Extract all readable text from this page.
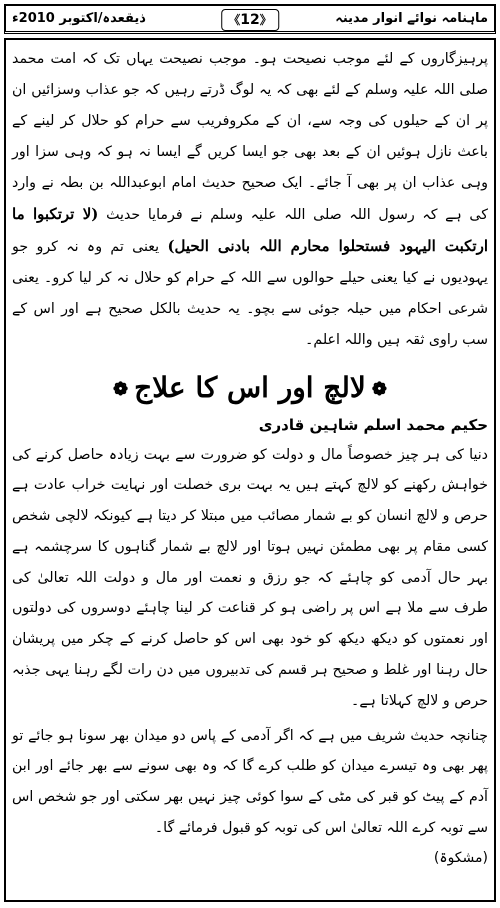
ماہنامہ نوائے انوار مدینہ
ذیقعدہ/اکتوبر 2010ء	《12》

پرہیزگاروں کے لئے موجب نصیحت ہو۔ موجب نصیحت یہاں تک کہ امت محمد صلی اللہ علیہ وسلم کے لئے بھی کہ یہ لوگ ڈرتے رہیں کہ جو عذاب وسزائیں ان پر ان کے حیلوں کی وجہ سے، ان کے مکروفریب سے حرام کو حلال کر لینے کے باعث نازل ہوئیں ان کے بعد بھی جو ایسا کریں گے ایسا نہ ہو کہ وہی سزا اور وہی عذاب ان پر بھی آ جائے۔ ایک صحیح حدیث امام ابوعبداللہ بن بطہ نے وارد کی ہے کہ رسول اللہ صلی اللہ علیہ وسلم نے فرمایا حدیث (لا ترتکبوا ما ارتکبت الیہود فستحلوا محارم اللہ بادنی الحیل) یعنی تم وہ نہ کرو جو یہودیوں نے کیا یعنی حیلے حوالوں سے اللہ کے حرام کو حلال نہ کر لیا کرو۔ یعنی شرعی احکام میں حیلہ جوئی سے بچو۔ یہ حدیث بالکل صحیح ہے اور اس کے سب راوی ثقہ ہیں واللہ اعلم۔

❁لالچ اور اس کا علاج❁
حکیم محمد اسلم شاہین قادری

دنیا کی ہر چیز خصوصاً مال و دولت کو ضرورت سے بہت زیادہ حاصل کرنے کی خواہش رکھنے کو لالچ کہتے ہیں یہ بہت بری خصلت اور نہایت خراب عادت ہے حرص و لالچ انسان کو بے شمار مصائب میں مبتلا کر دیتا ہے کیونکہ لالچی شخص کسی مقام پر بھی مطمئن نہیں ہوتا اور لالچ بے شمار گناہوں کا سرچشمہ ہے بہر حال آدمی کو چاہئے کہ جو رزق و نعمت اور مال و دولت اللہ تعالیٰ کی طرف سے ملا ہے اس پر راضی ہو کر قناعت کر لینا چاہئے دوسروں کی دولتوں اور نعمتوں کو دیکھ دیکھ کو خود بھی اس کو حاصل کرنے کے چکر میں پریشان حال رہنا اور غلط و صحیح ہر قسم کی تدبیروں میں دن رات لگے رہنا یہی جذبہ حرص و لالچ کہلاتا ہے۔

چنانچہ حدیث شریف میں ہے کہ اگر آدمی کے پاس دو میدان بھر سونا ہو جائے تو پھر بھی وہ تیسرے میدان کو طلب کرے گا کہ وہ بھی سونے سے بھر جائے اور ابن آدم کے پیٹ کو قبر کی مٹی کے سوا کوئی چیز نہیں بھر سکتی اور جو شخص اس سے توبہ کرے اللہ تعالیٰ اس کی توبہ کو قبول فرمائے گا۔

(مشکوۃ)
